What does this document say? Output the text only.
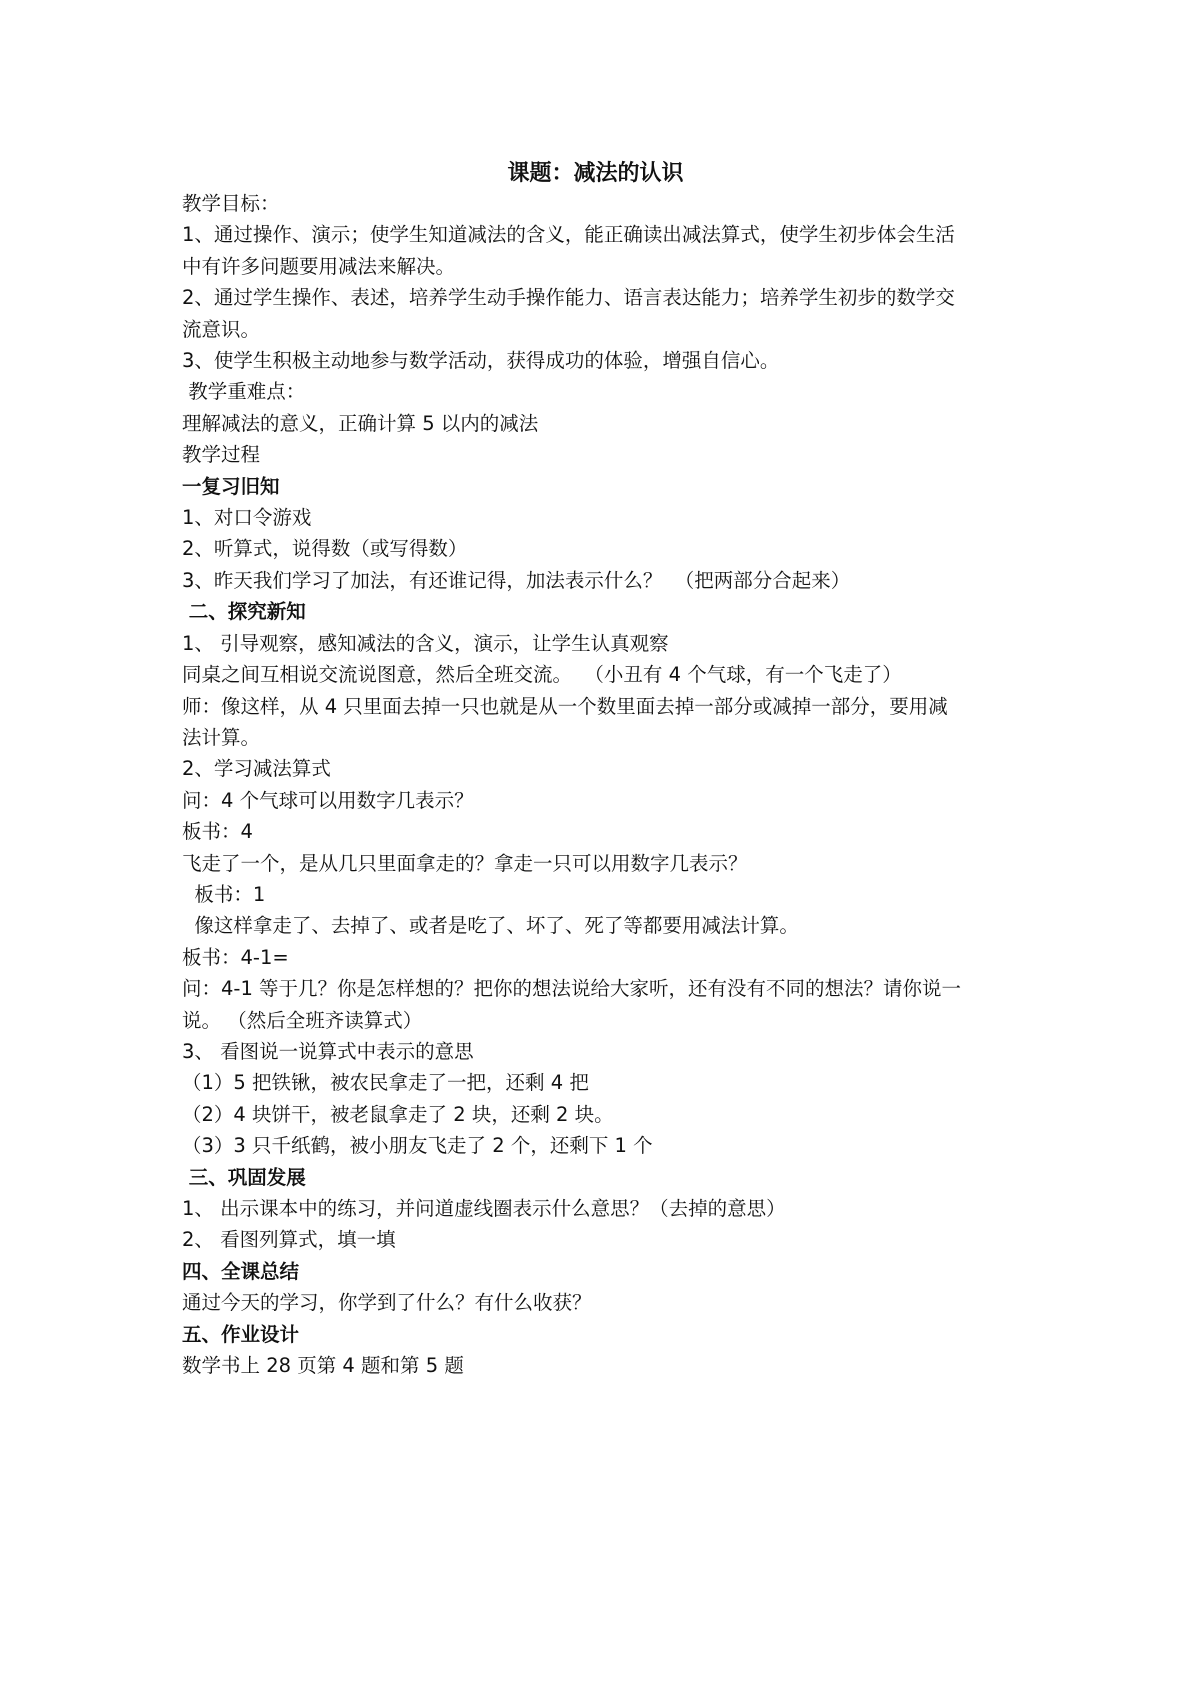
课题：减法的认识

教学目标：

1、通过操作、演示；使学生知道减法的含义，能正确读出减法算式，使学生初步体会生活

中有许多问题要用减法来解决。

2、通过学生操作、表述，培养学生动手操作能力、语言表达能力；培养学生初步的数学交

流意识。

3、使学生积极主动地参与数学活动，获得成功的体验，增强自信心。

教学重难点：

理解减法的意义，正确计算 5 以内的减法

教学过程

一复习旧知

1、对口令游戏

2、听算式，说得数（或写得数）

3、昨天我们学习了加法，有还谁记得，加法表示什么？  （把两部分合起来）

二、探究新知

1、 引导观察，感知减法的含义，演示，让学生认真观察

同桌之间互相说交流说图意，然后全班交流。  （小丑有 4 个气球，有一个飞走了）

师：像这样，从 4 只里面去掉一只也就是从一个数里面去掉一部分或减掉一部分，要用减

法计算。

2、学习减法算式

问：4 个气球可以用数字几表示？

板书：4

飞走了一个，是从几只里面拿走的？拿走一只可以用数字几表示？

板书：1

像这样拿走了、去掉了、或者是吃了、坏了、死了等都要用减法计算。

板书：4-1=

问：4-1 等于几？你是怎样想的？把你的想法说给大家听，还有没有不同的想法？请你说一

说。 （然后全班齐读算式）

3、 看图说一说算式中表示的意思

（1）5 把铁锹，被农民拿走了一把，还剩 4 把

（2）4 块饼干，被老鼠拿走了 2 块，还剩 2 块。

（3）3 只千纸鹤，被小朋友飞走了 2 个，还剩下 1 个

三、巩固发展

1、 出示课本中的练习，并问道虚线圈表示什么意思？（去掉的意思）

2、 看图列算式，填一填

四、全课总结

通过今天的学习，你学到了什么？有什么收获？

五、作业设计

数学书上 28 页第 4 题和第 5 题
